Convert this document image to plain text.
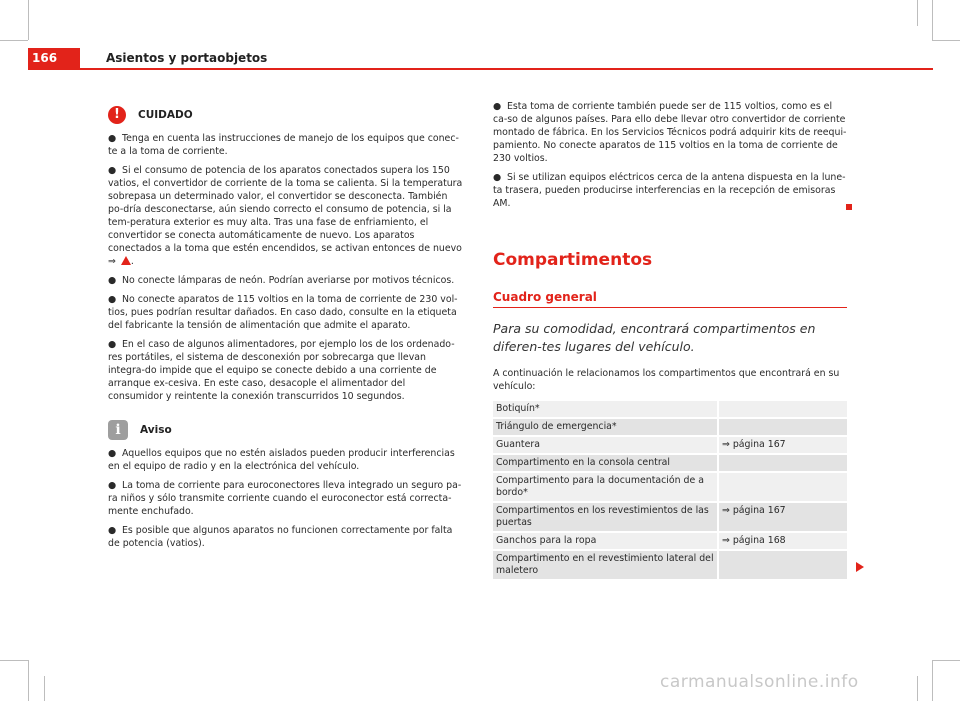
166	Asientos y portaobjetos
!	CUIDADO

● Tenga en cuenta las instrucciones de manejo de los equipos que conec-te a la toma de corriente.

● Si el consumo de potencia de los aparatos conectados supera los 150 vatios, el convertidor de corriente de la toma se calienta. Si la temperatura sobrepasa un determinado valor, el convertidor se desconecta. También po-dría desconectarse, aún siendo correcto el consumo de potencia, si la tem-peratura exterior es muy alta. Tras una fase de enfriamiento, el convertidor se conecta automáticamente de nuevo. Los aparatos conectados a la toma que estén encendidos, se activan entonces de nuevo ⇒ .

● No conecte lámparas de neón. Podrían averiarse por motivos técnicos.

● No conecte aparatos de 115 voltios en la toma de corriente de 230 vol-tios, pues podrían resultar dañados. En caso dado, consulte en la etiqueta del fabricante la tensión de alimentación que admite el aparato.

● En el caso de algunos alimentadores, por ejemplo los de los ordenado-res portátiles, el sistema de desconexión por sobrecarga que llevan integra-do impide que el equipo se conecte debido a una corriente de arranque ex-cesiva. En este caso, desacople el alimentador del consumidor y reintente la conexión transcurridos 10 segundos.

i	Aviso

● Aquellos equipos que no estén aislados pueden producir interferencias en el equipo de radio y en la electrónica del vehículo.

● La toma de corriente para euroconectores lleva integrado un seguro pa-ra niños y sólo transmite corriente cuando el euroconector está correcta-mente enchufado.

● Es posible que algunos aparatos no funcionen correctamente por falta de potencia (vatios).

● Esta toma de corriente también puede ser de 115 voltios, como es el ca-so de algunos países. Para ello debe llevar otro convertidor de corriente montado de fábrica. En los Servicios Técnicos podrá adquirir kits de reequi-pamiento. No conecte aparatos de 115 voltios en la toma de corriente de 230 voltios.

● Si se utilizan equipos eléctricos cerca de la antena dispuesta en la lune-ta trasera, pueden producirse interferencias en la recepción de emisoras AM.

Compartimentos
Cuadro general
Para su comodidad, encontrará compartimentos en diferen-tes lugares del vehículo.

A continuación le relacionamos los compartimentos que encontrará en su vehículo:

Botiquín*	
Triángulo de emergencia*	
Guantera	⇒ página 167
Compartimento en la consola central	
Compartimento para la documentación de a bordo*	
Compartimentos en los revestimientos de las puertas	⇒ página 167
Ganchos para la ropa	⇒ página 168
Compartimento en el revestimiento lateral del maletero	
carmanualsonline.info
